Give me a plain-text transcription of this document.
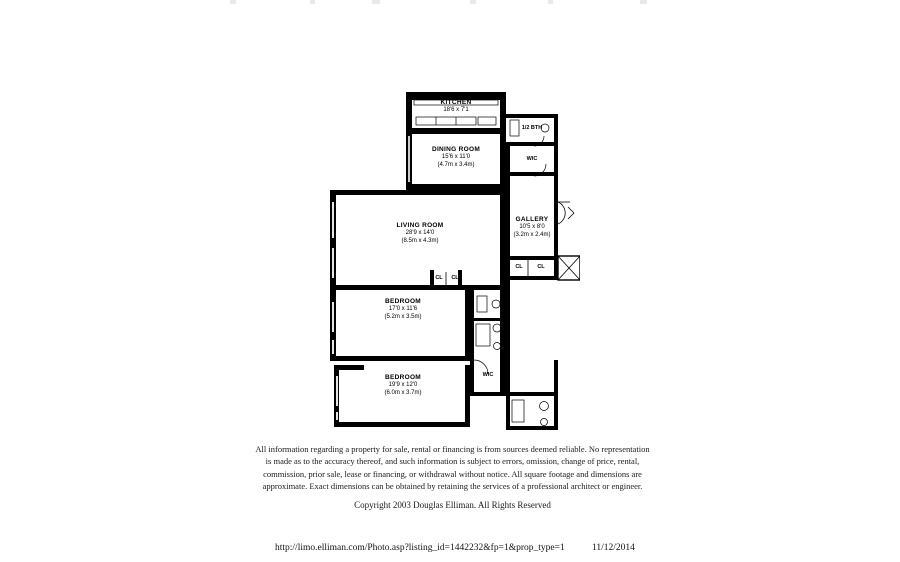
KITCHEN
18'6 x 7'1
DINING ROOM
15'6 x 11'0
(4.7m x 3.4m)
LIVING ROOM
28'9 x 14'0
(8.5m x 4.3m)
GALLERY
10'5 x 8'0
(3.2m x 2.4m)
BEDROOM
17'0 x 11'6
(5.2m x 3.5m)
BEDROOM
19'9 x 12'0
(6.0m x 3.7m)
1/2 BTH
WIC
WIC
CL	CL
CL	CL
All information regarding a property for sale, rental or financing is from sources deemed reliable. No representation is made as to the accuracy thereof, and such information is subject to errors, omission, change of price, rental, commission, prior sale, lease or financing, or withdrawal without notice. All square footage and dimensions are approximate. Exact dimensions can be obtained by retaining the services of a professional architect or engineer.
Copyright 2003 Douglas Elliman. All Rights Reserved
http://limo.elliman.com/Photo.asp?listing_id=1442232&fp=1&prop_type=1	11/12/2014
